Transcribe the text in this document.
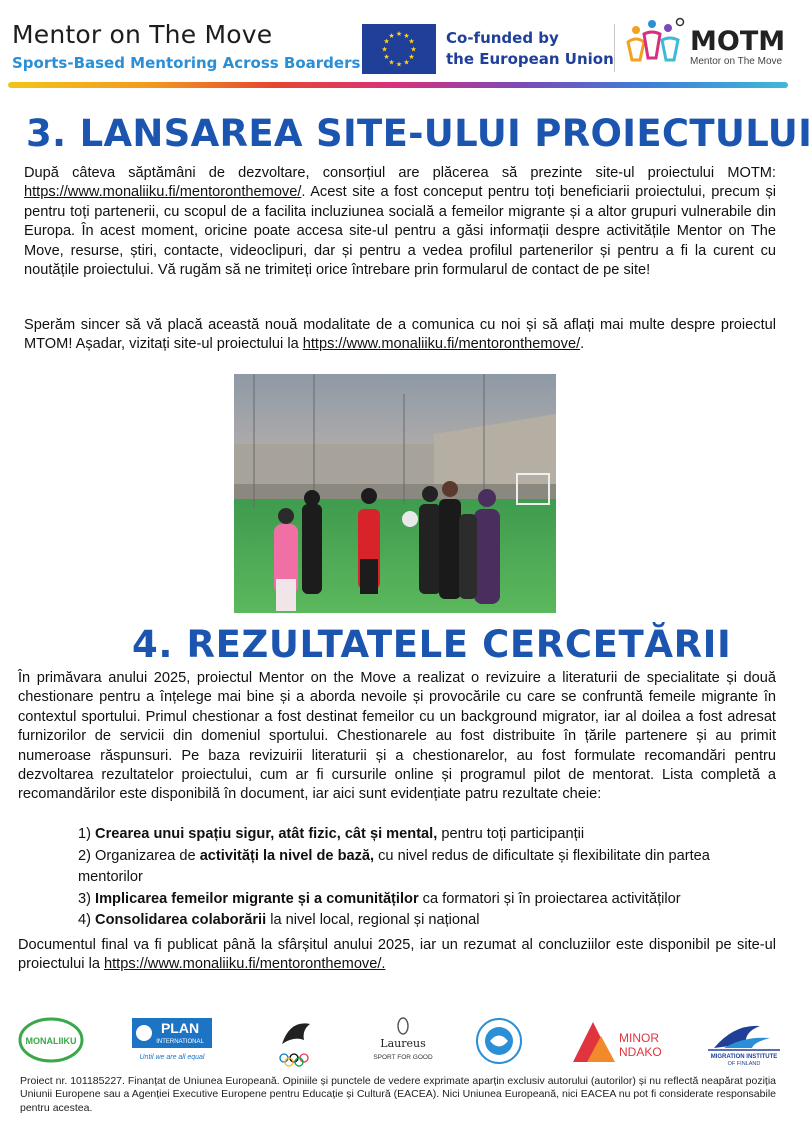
Mentor on The Move
Sports-Based Mentoring Across Boarders
★ ★
★
★
★
★
★
★
★
★
★
★	Co-funded by
the European Union
MOTM
Mentor on The Move
3. LANSAREA SITE-ULUI PROIECTULUI
După câteva săptămâni de dezvoltare, consorțiul are plăcerea să prezinte site-ul proiectului MOTM: https://www.monaliiku.fi/mentoronthemove/. Acest site a fost conceput pentru toți beneficiarii proiectului, precum și pentru toți partenerii, cu scopul de a facilita incluziunea socială a femeilor migrante și a altor grupuri vulnerabile din Europa. În acest moment, oricine poate accesa site-ul pentru a găsi informații despre activitățile Mentor on The Move, resurse, știri, contacte, videoclipuri, dar și pentru a vedea profilul partenerilor și pentru a fi la curent cu noutățile proiectului. Vă rugăm să ne trimiteți orice întrebare prin formularul de contact de pe site!
Sperăm sincer să vă placă această nouă modalitate de a comunica cu noi și să aflați mai multe despre proiectul MTOM! Așadar, vizitați site-ul proiectului la https://www.monaliiku.fi/mentoronthemove/.
4. REZULTATELE CERCETĂRII
În primăvara anului 2025, proiectul Mentor on the Move a realizat o revizuire a literaturii de specialitate și două chestionare pentru a înțelege mai bine și a aborda nevoile și provocările cu care se confruntă femeile migrante în contextul sportului. Primul chestionar a fost destinat femeilor cu un background migrator, iar al doilea a fost adresat furnizorilor de servicii din domeniul sportului. Chestionarele au fost distribuite în țările partenere și au primit numeroase răspunsuri. Pe baza revizuirii literaturii și a chestionarelor, au fost formulate recomandări pentru dezvoltarea rezultatelor proiectului, cum ar fi cursurile online și programul pilot de mentorat. Lista completă a recomandărilor este disponibilă în document, iar aici sunt evidențiate patru rezultate cheie:
1) Crearea unui spațiu sigur, atât fizic, cât și mental, pentru toți participanții
2) Organizarea de activități la nivel de bază, cu nivel redus de dificultate și flexibilitate din partea mentorilor
3) Implicarea femeilor migrante și a comunităților ca formatori și în proiectarea activităților
4) Consolidarea colaborării la nivel local, regional și național
Documentul final va fi publicat până la sfârșitul anului 2025, iar un rezumat al concluziilor este disponibil pe site-ul proiectului la https://www.monaliiku.fi/mentoronthemove/.
MONALIIKU
PLAN
INTERNATIONAL
Until we are all equal
Laureus
SPORT FOR GOOD
MINOR
NDAKO	MIGRATION INSTITUTE
OF FINLAND
Proiect nr. 101185227. Finanțat de Uniunea Europeană. Opiniile și punctele de vedere exprimate aparțin exclusiv autorului (autorilor) și nu reflectă neapărat poziția Uniunii Europene sau a Agenției Executive Europene pentru Educație și Cultură (EACEA). Nici Uniunea Europeană, nici EACEA nu pot fi considerate responsabile pentru acestea.
